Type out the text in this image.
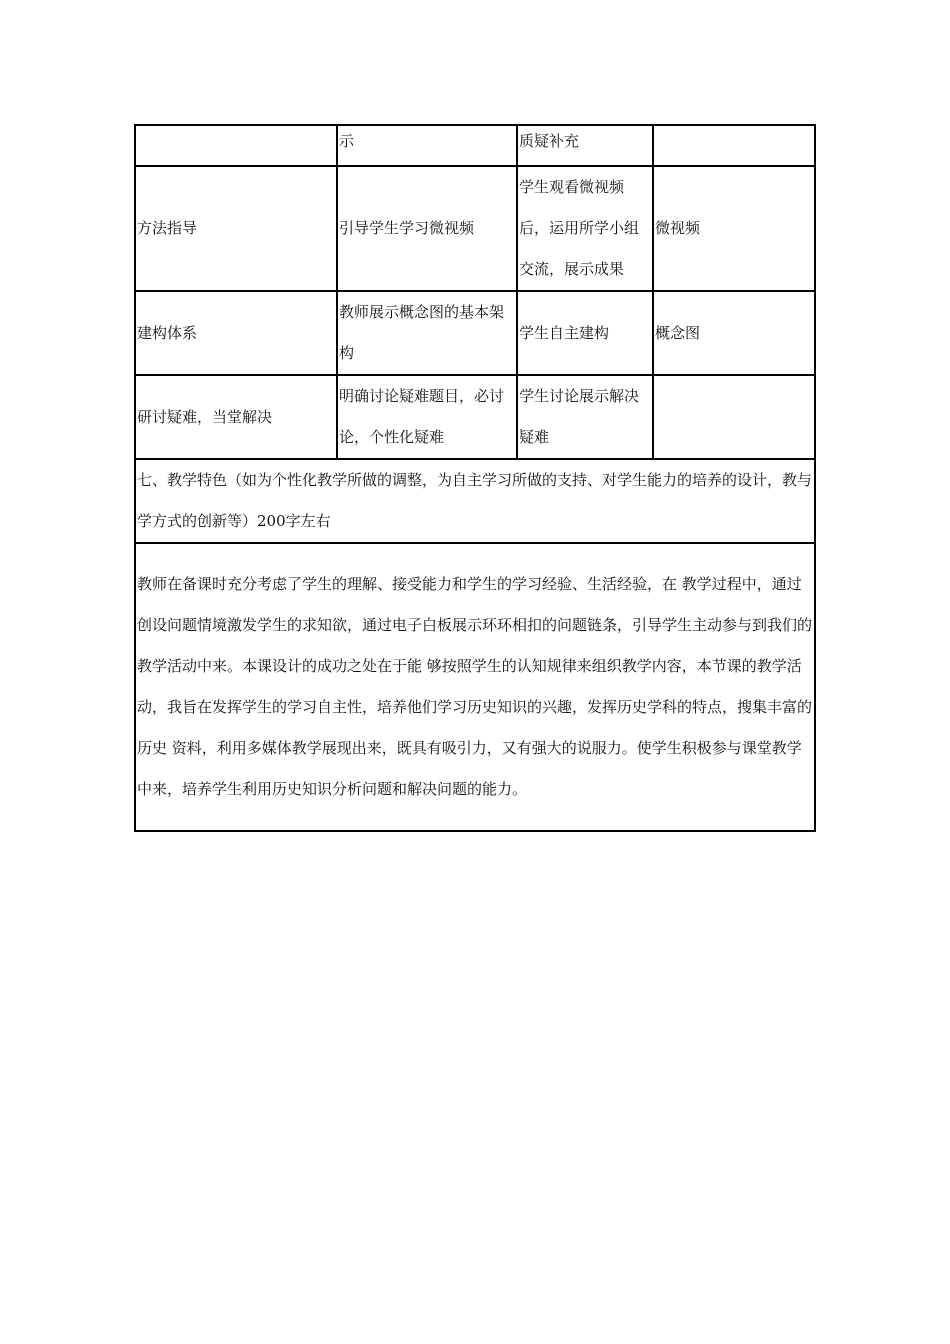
	示	质疑补充	
方法指导	引导学生学习微视频	学生观看微视频后，运用所学小组交流，展示成果	微视频
建构体系	教师展示概念图的基本架构	学生自主建构	概念图
研讨疑难，当堂解决	明确讨论疑难题目，必讨论，个性化疑难	学生讨论展示解决疑难	
七、教学特色（如为个性化教学所做的调整，为自主学习所做的支持、对学生能力的培养的设计，教与学方式的创新等）200字左右			
教师在备课时充分考虑了学生的理解、接受能力和学生的学习经验、生活经验，在 教学过程中，通过创设问题情境激发学生的求知欲，通过电子白板展示环环相扣的问题链条，引导学生主动参与到我们的教学活动中来。本课设计的成功之处在于能 够按照学生的认知规律来组织教学内容，本节课的教学活动，我旨在发挥学生的学习自主性，培养他们学习历史知识的兴趣，发挥历史学科的特点，搜集丰富的历史 资料，利用多媒体教学展现出来，既具有吸引力，又有强大的说服力。使学生积极参与课堂教学中来，培养学生利用历史知识分析问题和解决问题的能力。			
